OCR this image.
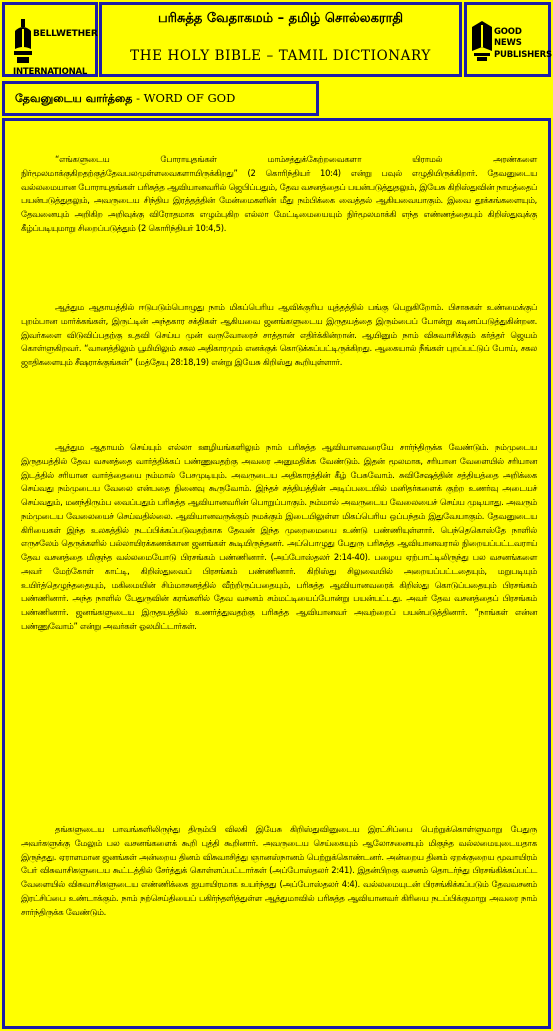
BELLWETHER
INTERNATIONAL
பரிசுத்த வேதாகமம் – தமிழ் சொல்லகராதி
THE HOLY BIBLE – TAMIL DICTIONARY
GOOD NEWS
PUBLISHERS
தேவனுடைய வார்த்தை - WORD OF GOD

“எங்களுடைய போராயுதங்கள் மாம்சத்துக்கேற்றவைகளா யிராமல் அரண்களை நிர்மூலமாக்குகிறதற்குத்தேவபலமுள்ளவைகளாயிருக்கிறது” (2 கொரிந்தியர் 10:4) என்று பவுல் எழுதியிருக்கிறார். தேவனுடைய வல்லமையான போராயுதங்கள் பரிசுத்த ஆவியானவரில் ஜெபிப்பதும், தேவ வசனத்தைப் பயன்படுத்துதலும், இயேசு கிறிஸ்துவின் நாமத்தைப் பயன்படுத்துதலும், அவருடைய சிந்திய இரத்தத்தின் மேன்மைகளின் மீது நம்பிக்கை வைத்தல் ஆகியவையாகும். இவை தூக்கங்களையும், தேவனையும் அறிகிற அறிவுக்கு விரோதமாக எழும்புகிற எல்லா மேட்டிமையையும் நிர்மூலமாக்கி எந்த எண்ணத்தையும் கிறிஸ்துவுக்கு கீழ்ப்படியுமாறு சிறைப்படுத்தும் (2 கொரிந்தியர் 10:4,5).

ஆத்தும ஆதாயத்தில் ஈடுபடும்பொழுது நாம் மிகப்பெரிய ஆவிக்குரிய யுத்தத்தில் பங்கு பெறுகிறோம். பிசாசுகள் உண்மைக்குப் புறம்பான மார்க்கங்கள், இருட்டின் அந்தகார சக்திகள் ஆகியவை ஜனங்களுடைய இருதயத்தை இரும்பைப் போன்று கடினப்படுத்துகின்றன. இவர்களை விடுவிப்பதற்கு உதவி செய்ய முன் வருவோரைச் சாத்தான் எதிர்க்கின்றான். ஆயினும் நாம் விசுவாசிக்கும் கர்த்தர் ஜெயம் கொள்ளுகிறவர். “வானத்திலும் பூமியிலும் சகல அதிகாரமும் எனக்குக் கொடுக்கப்பட்டிருக்கிறது. ஆகையால் நீங்கள் புறப்பட்டுப் போய், சகல ஜாதிகளையும் சீஷராக்குங்கள்” (மத்தேயு 28:18,19) என்று இயேசு கிறிஸ்து கூறியுள்ளார்.

ஆத்தும ஆதாயம் செய்யும் எல்லா ஊழியங்களிலும் நாம் பரிசுத்த ஆவியானவரையே சார்ந்திருக்க வேண்டும். நம்முடைய இருதயத்தில் தேவ வசனத்தை வார்த்திக்கப் பண்ணுவதற்கு அவரை அனுமதிக்க வேண்டும். இதன் மூலமாக, சரியான வேளையில் சரியான இடத்தில் சரியான வார்த்தையை நம்மால் பேசமுடியும். அவருடைய அதிகாரத்தின் கீழ் பேசுவோம். சுவிசேஷத்தின் சத்தியத்தை அறிக்கை செய்வது நம்முடைய வேலை என்பதை நினைவு கூருவோம். இந்தச் சத்தியத்தின் அடிப்படையில் மனிதர்களைக் குற்ற உணர்வு அடையச் செய்வதும், மனந்திரும்ப வைப்பதும் பரிசுத்த ஆவியானவரின் பொறுப்பாகும். நம்மால் அவருடைய வேலையைச் செய்ய முடியாது. அவரும் நம்முடைய வேலையைச் செய்வதில்லை. ஆவியானவருக்கும் நமக்கும் இடையிலுள்ள மிகப்பெரிய ஒப்பந்தம் இதுவேயாகும். தேவனுடைய கிரியைகள் இந்த உலகத்தில் நடப்பிக்கப்படுவதற்காக தேவன் இந்த முறைமையை உண்டு பண்ணியுள்ளார். பெந்தெகொஸ்தே நாளில் எருசலேம் தெருக்களில் பல்லாயிரக்கணக்கான ஜனங்கள் கூடியிருந்தனர். அப்பொழுது பேதுரு பரிசுத்த ஆவியானவரால் நிறையப்பட்டவராய் தேவ வசனத்தை மிகுந்த வல்லமையோடு பிரசங்கம் பண்ணினார். (அப்போஸ்தலர் 2:14-40). பழைய ஏற்பாட்டிலிருந்து பல வசனங்களை அவர் மேற்கோள் காட்டி, கிறிஸ்துவைப் பிரசங்கம் பண்ணினார். கிறிஸ்து சிலுவையில் அறையப்பட்டதையும், மறுபடியும் உயிர்த்தெழுந்ததையும், மகிமையின் சிம்மாசனத்தில் வீற்றிருப்பதையும், பரிசுத்த ஆவியானவரைக் கிறிஸ்து கொடுப்பதையும் பிரசங்கம் பண்ணினார். அந்த நாளில் பேதுருவின் கரங்களில் தேவ வசனம் சம்மட்டியைப்போன்று பயன்பட்டது. அவர் தேவ வசனத்தைப் பிரசங்கம் பண்ணினார். ஜனங்களுடைய இருதயத்தில் உணர்த்துவதற்கு பரிசுத்த ஆவியானவர் அவற்றைப் பயன்படுத்தினார். “நாங்கள் என்ன பண்ணுவோம்” என்று அவர்கள் ஓலமிட்டார்கள்.

தங்களுடைய பாவங்களிலிருந்து திரும்பி விலகி இயேசு கிறிஸ்துவினுடைய இரட்சிப்பை பெற்றுக்கொள்ளுமாறு பேதுரு அவர்களுக்கு மேலும் பல வசனங்களைக் கூறி புத்தி கூறினார். அவருடைய செய்கையும் ஆலோசனையும் மிகுந்த வல்லமையுடையதாக இருந்தது. ஏராளமான ஜனங்கள் அன்றைய தினம் விசுவாசித்து ஞானஸ்நானம் பெற்றுக்கொண்டனர். அன்றைய தினம் ஏறக்குறைய மூவாயிரம் பேர் விசுவாசிகளுடைய கூட்டத்தில் சேர்த்துக் கொள்ளப்பட்டார்கள் (அப்போஸ்தலர் 2:41). இதன்பிறகு வசனம் தொடர்ந்து பிரசங்கிக்கப்பட்ட வேளையில் விசுவாசிகளுடைய எண்ணிக்கை ஐயாயிரமாக உயர்ந்தது (அப்போஸ்தலர் 4:4). வல்லமையுடன் பிரசங்கிக்கப்படும் தேவவசனம் இரட்சிப்பை உண்டாக்கும். நாம் நற்செய்தியைப் பகிர்ந்தளித்துள்ள ஆத்துமாவில் பரிசுத்த ஆவியானவர் கிரியை நடப்பிக்குமாறு அவரை நாம் சார்ந்திருக்க வேண்டும்.
